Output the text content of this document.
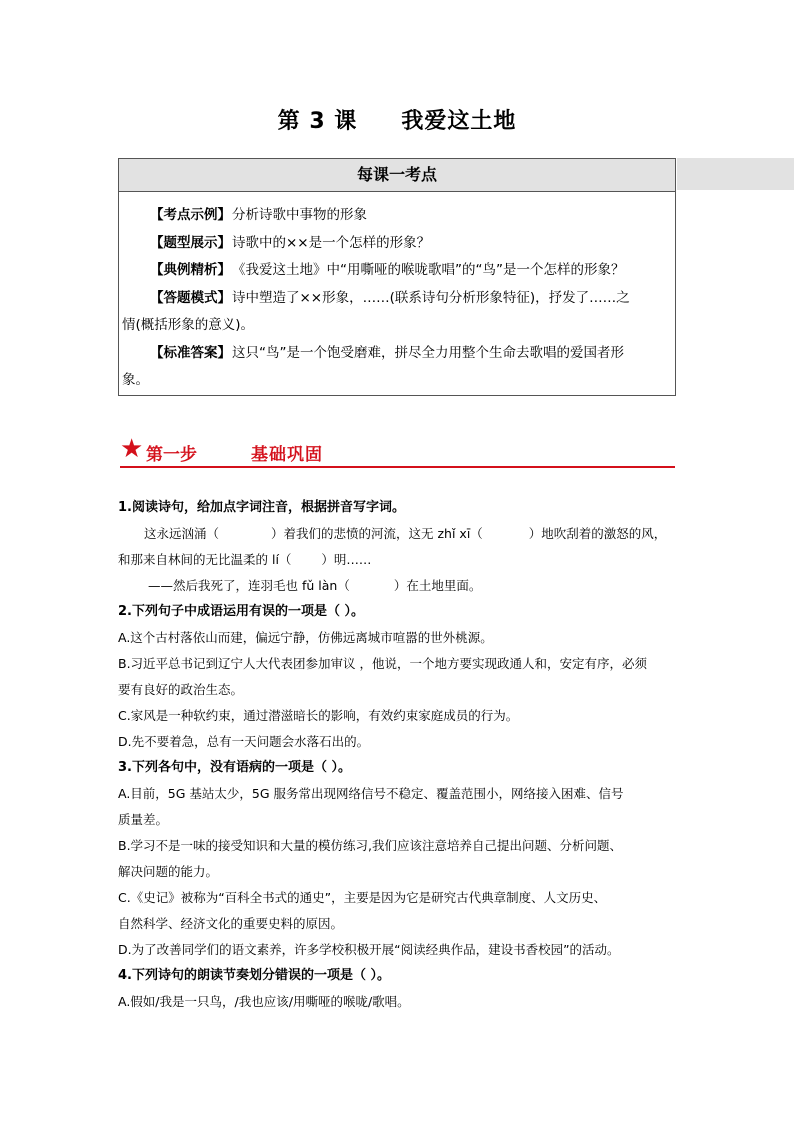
第 3 课 我爱这土地
每课一考点
【考点示例】分析诗歌中事物的形象
【题型展示】诗歌中的××是一个怎样的形象？
【典例精析】《我爱这土地》中“用嘶哑的喉咙歌唱”的“鸟”是一个怎样的形象？
【答题模式】诗中塑造了××形象，……(联系诗句分析形象特征)，抒发了……之
情(概括形象的意义)。
【标准答案】这只“鸟”是一个饱受磨难，拼尽全力用整个生命去歌唱的爱国者形
象。
★ 第一步	基础巩固

1.阅读诗句，给加点字词注音，根据拼音写字词。

这永远汹涌（	）着我们的悲愤的河流，这无 zhǐ xī（	）地吹刮着的激怒的风，

和那来自林间的无比温柔的 lí（ ）明……

——然后我死了，连羽毛也 fǔ làn（	）在土地里面。

2.下列句子中成语运用有误的一项是（ ）。

A.这个古村落依山而建，偏远宁静，仿佛远离城市喧嚣的世外桃源。

B.习近平总书记到辽宁人大代表团参加审议 ，他说，一个地方要实现政通人和，安定有序，必须

要有良好的政治生态。

C.家风是一种软约束，通过潜滋暗长的影响，有效约束家庭成员的行为。

D.先不要着急，总有一天问题会水落石出的。

3.下列各句中，没有语病的一项是（ ）。

A.目前，5G 基站太少，5G 服务常出现网络信号不稳定、覆盖范围小，网络接入困难、信号

质量差。

B.学习不是一味的接受知识和大量的模仿练习,我们应该注意培养自己提出问题、分析问题、

解决问题的能力。

C.《史记》被称为“百科全书式的通史”，主要是因为它是研究古代典章制度、人文历史、

自然科学、经济文化的重要史料的原因。

D.为了改善同学们的语文素养，许多学校积极开展“阅读经典作品，建设书香校园”的活动。

4.下列诗句的朗读节奏划分错误的一项是（ ）。

A.假如/我是一只鸟，/我也应该/用嘶哑的喉咙/歌唱。
